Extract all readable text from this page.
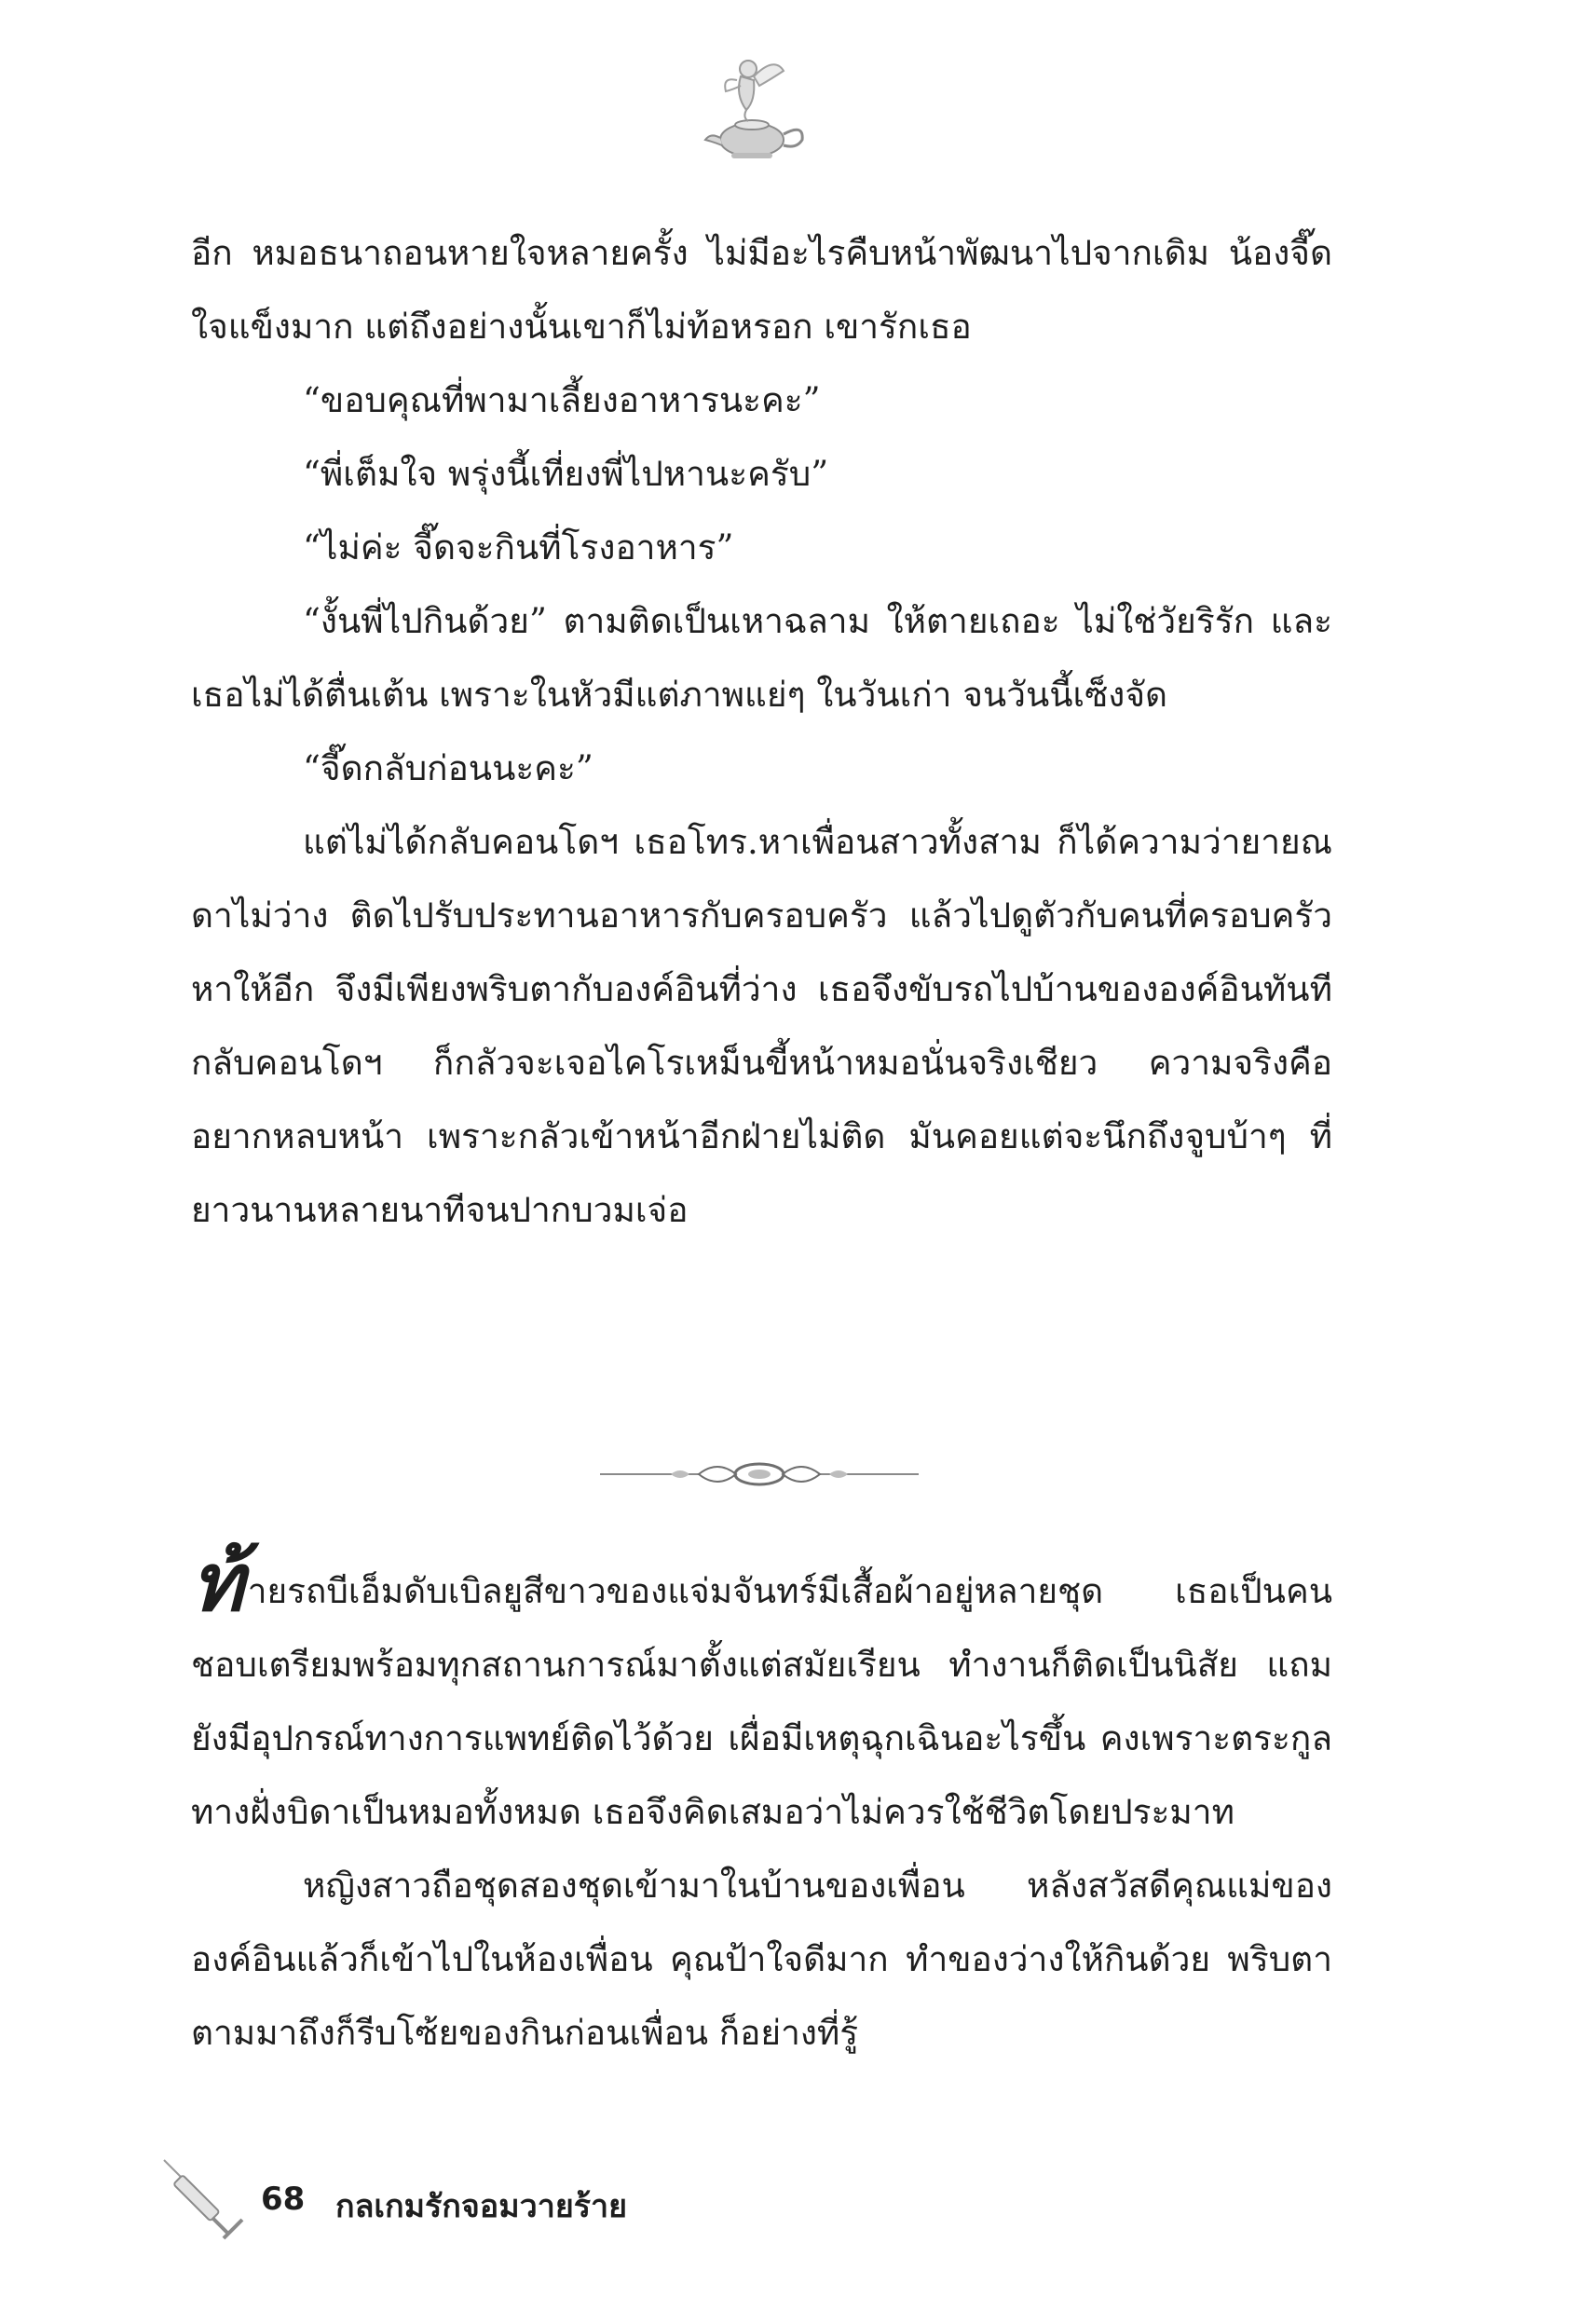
อีก หมอธนาถอนหายใจหลายครั้ง ไม่มีอะไรคืบหน้าพัฒนาไปจากเดิม น้องจี๊ดใจแข็งมาก แต่ถึงอย่างนั้นเขาก็ไม่ท้อหรอก เขารักเธอ

“ขอบคุณที่พามาเลี้ยงอาหารนะคะ”

“พี่เต็มใจ พรุ่งนี้เที่ยงพี่ไปหานะครับ”

“ไม่ค่ะ จี๊ดจะกินที่โรงอาหาร”

“งั้นพี่ไปกินด้วย” ตามติดเป็นเหาฉลาม ให้ตายเถอะ ไม่ใช่วัยริรัก และเธอไม่ได้ตื่นเต้น เพราะในหัวมีแต่ภาพแย่ๆ ในวันเก่า จนวันนี้เซ็งจัด

“จี๊ดกลับก่อนนะคะ”

แต่ไม่ได้กลับคอนโดฯ เธอโทร.หาเพื่อนสาวทั้งสาม ก็ได้ความว่ายายณดาไม่ว่าง ติดไปรับประทานอาหารกับครอบครัว แล้วไปดูตัวกับคนที่ครอบครัวหาให้อีก จึงมีเพียงพริบตากับองค์อินที่ว่าง เธอจึงขับรถไปบ้านขององค์อินทันที กลับคอนโดฯ ก็กลัวจะเจอไคโรเหม็นขี้หน้าหมอนั่นจริงเชียว ความจริงคืออยากหลบหน้า เพราะกลัวเข้าหน้าอีกฝ่ายไม่ติด มันคอยแต่จะนึกถึงจูบบ้าๆ ที่ยาวนานหลายนาทีจนปากบวมเจ่อ

ท้ายรถบีเอ็มดับเบิลยูสีขาวของแจ่มจันทร์มีเสื้อผ้าอยู่หลายชุด เธอเป็นคนชอบเตรียมพร้อมทุกสถานการณ์มาตั้งแต่สมัยเรียน ทำงานก็ติดเป็นนิสัย แถมยังมีอุปกรณ์ทางการแพทย์ติดไว้ด้วย เผื่อมีเหตุฉุกเฉินอะไรขึ้น คงเพราะตระกูลทางฝั่งบิดาเป็นหมอทั้งหมด เธอจึงคิดเสมอว่าไม่ควรใช้ชีวิตโดยประมาท

หญิงสาวถือชุดสองชุดเข้ามาในบ้านของเพื่อน หลังสวัสดีคุณแม่ขององค์อินแล้วก็เข้าไปในห้องเพื่อน คุณป้าใจดีมาก ทำของว่างให้กินด้วย พริบตาตามมาถึงก็รีบโซ้ยของกินก่อนเพื่อน ก็อย่างที่รู้

68 กลเกมรักจอมวายร้าย
